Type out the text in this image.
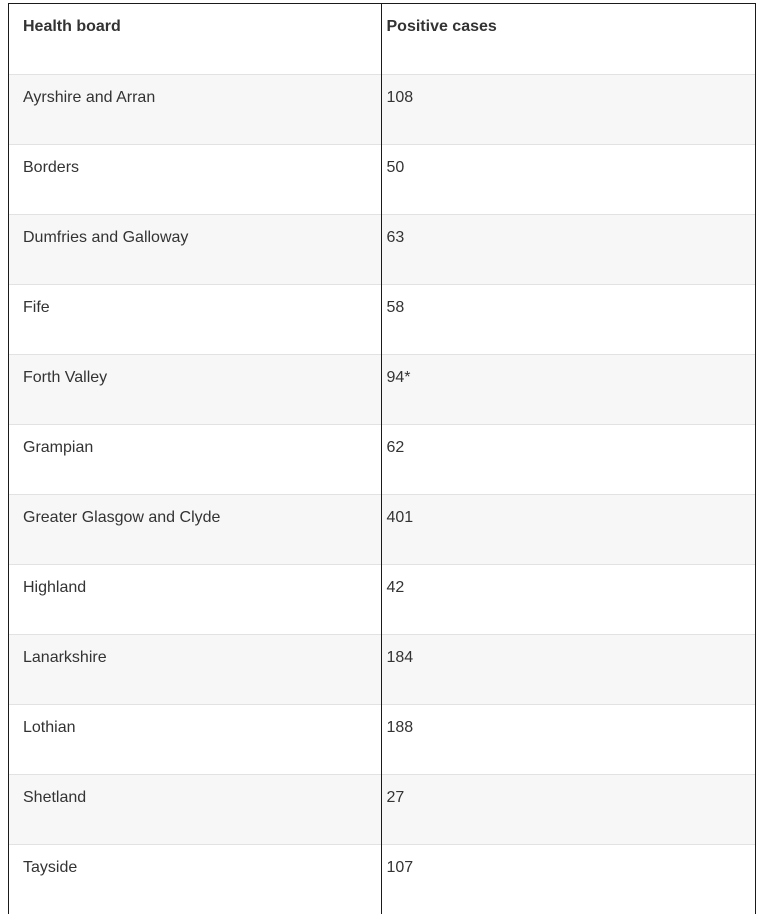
Health board	Positive cases
Ayrshire and Arran	108
Borders	50
Dumfries and Galloway	63
Fife	58
Forth Valley	94*
Grampian	62
Greater Glasgow and Clyde	401
Highland	42
Lanarkshire	184
Lothian	188
Shetland	27
Tayside	107
